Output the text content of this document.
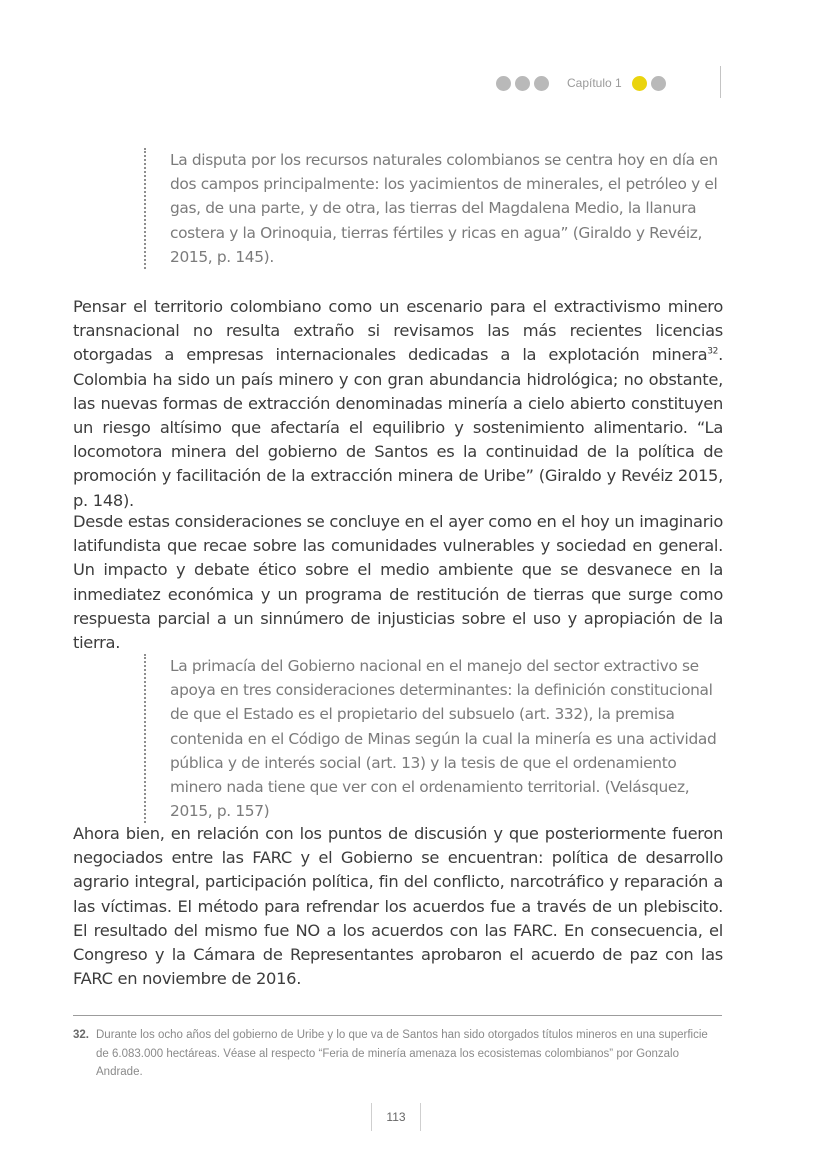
Capítulo 1
La disputa por los recursos naturales colombianos se centra hoy en día en dos campos principalmente: los yacimientos de minerales, el petróleo y el gas, de una parte, y de otra, las tierras del Magdalena Medio, la llanura costera y la Orinoquia, tierras fértiles y ricas en agua” (Giraldo y Revéiz, 2015, p. 145).
Pensar el territorio colombiano como un escenario para el extractivismo minero transnacional no resulta extraño si revisamos las más recientes licencias otorgadas a empresas internacionales dedicadas a la explotación minera$^{32}$. Colombia ha sido un país minero y con gran abundancia hidrológica; no obstante, las nuevas formas de extracción denominadas minería a cielo abierto constituyen un riesgo altísimo que afectaría el equilibrio y sostenimiento alimentario. “La locomotora minera del gobierno de Santos es la continuidad de la política de promoción y facilitación de la extracción minera de Uribe” (Giraldo y Revéiz 2015, p. 148).
Desde estas consideraciones se concluye en el ayer como en el hoy un imaginario latifundista que recae sobre las comunidades vulnerables y sociedad en general. Un impacto y debate ético sobre el medio ambiente que se desvanece en la inmediatez económica y un programa de restitución de tierras que surge como respuesta parcial a un sinnúmero de injusticias sobre el uso y apropiación de la tierra.
La primacía del Gobierno nacional en el manejo del sector extractivo se apoya en tres consideraciones determinantes: la definición constitucional de que el Estado es el propietario del subsuelo (art. 332), la premisa contenida en el Código de Minas según la cual la minería es una actividad pública y de interés social (art. 13) y la tesis de que el ordenamiento minero nada tiene que ver con el ordenamiento territorial. (Velásquez, 2015, p. 157)
Ahora bien, en relación con los puntos de discusión y que posteriormente fueron negociados entre las FARC y el Gobierno se encuentran: política de desarrollo agrario integral, participación política, fin del conflicto, narcotráfico y reparación a las víctimas. El método para refrendar los acuerdos fue a través de un plebiscito. El resultado del mismo fue NO a los acuerdos con las FARC. En consecuencia, el Congreso y la Cámara de Representantes aprobaron el acuerdo de paz con las FARC en noviembre de 2016.
32. Durante los ocho años del gobierno de Uribe y lo que va de Santos han sido otorgados títulos mineros en una superficie de 6.083.000 hectáreas. Véase al respecto “Feria de minería amenaza los ecosistemas colombianos” por Gonzalo Andrade.
113
